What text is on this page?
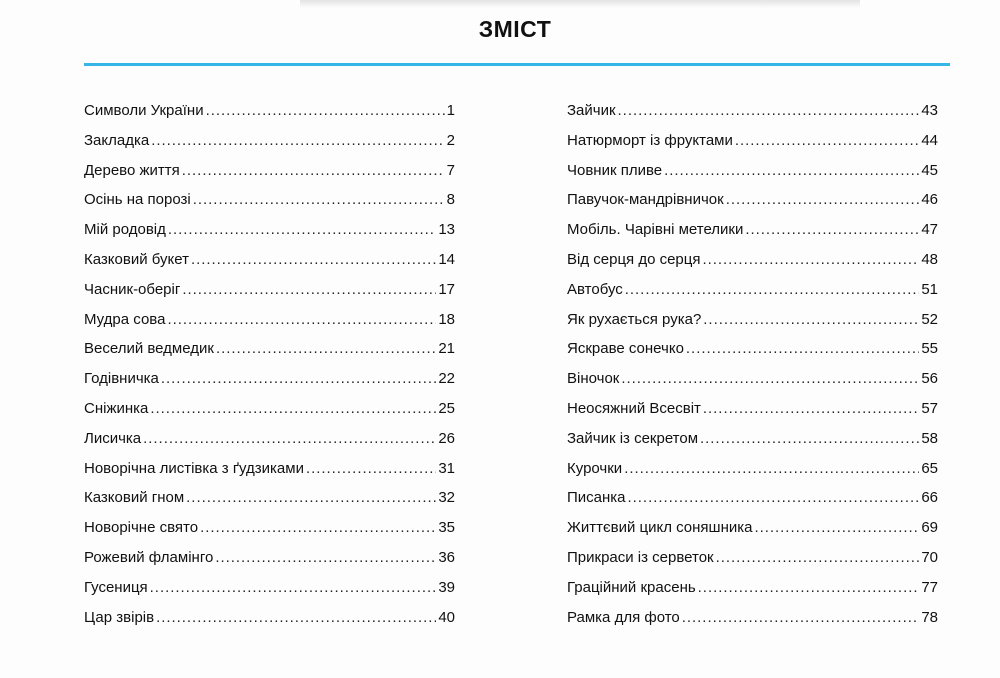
ЗМІСТ
Символи України . . .	1
Закладка . . .	2
Дерево життя . . .	7
Осінь на порозі . . .	8
Мій родовід . . .	13
Казковий букет . . .	14
Часник-оберіг . . .	17
Мудра сова . . .	18
Веселий ведмедик . . .	21
Годівничка . . .	22
Сніжинка . . .	25
Лисичка . . .	26
Новорічна листівка з ґудзиками . . .	31
Казковий гном . . .	32
Новорічне свято . . .	35
Рожевий фламінго . . .	36
Гусениця . . .	39
Цар звірів . . .	40
Зайчик . . .	43
Натюрморт із фруктами . . .	44
Човник пливе . . .	45
Павучок-мандрівничок . . .	46
Мобіль. Чарівні метелики . . .	47
Від серця до серця . . .	48
Автобус . . .	51
Як рухається рука? . . .	52
Яскраве сонечко . . .	55
Віночок . . .	56
Неосяжний Всесвіт . . .	57
Зайчик із секретом . . .	58
Курочки . . .	65
Писанка . . .	66
Життєвий цикл соняшника . . .	69
Прикраси із серветок . . .	70
Граційний красень . . .	77
Рамка для фото . . .	78
